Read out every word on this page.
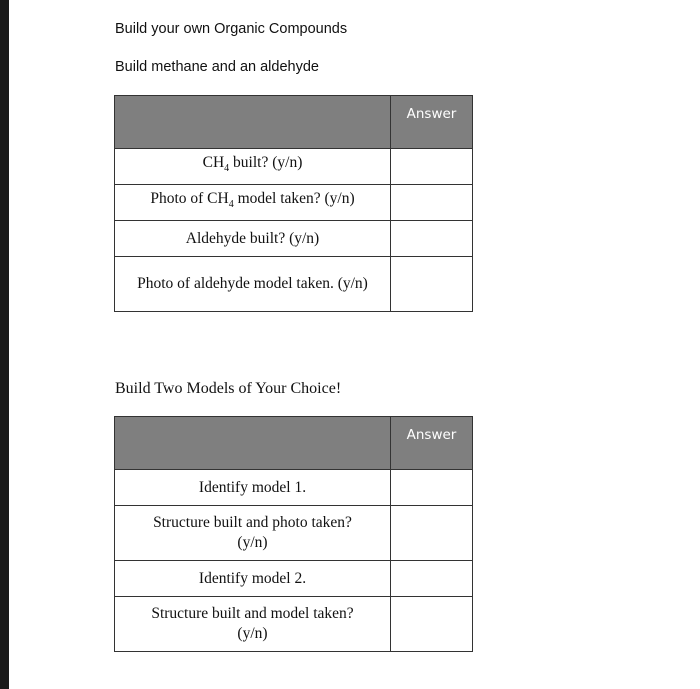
Build your own Organic Compounds
Build methane and an aldehyde
	Answer
$CH_4$ built? (y/n)	
Photo of $CH_4$ model taken? (y/n)	
Aldehyde built? (y/n)	
Photo of aldehyde model taken. (y/n)	
Build Two Models of Your Choice!
	Answer
Identify model 1.	
Structure built and photo taken? (y/n)	
Identify model 2.	
Structure built and model taken? (y/n)	
